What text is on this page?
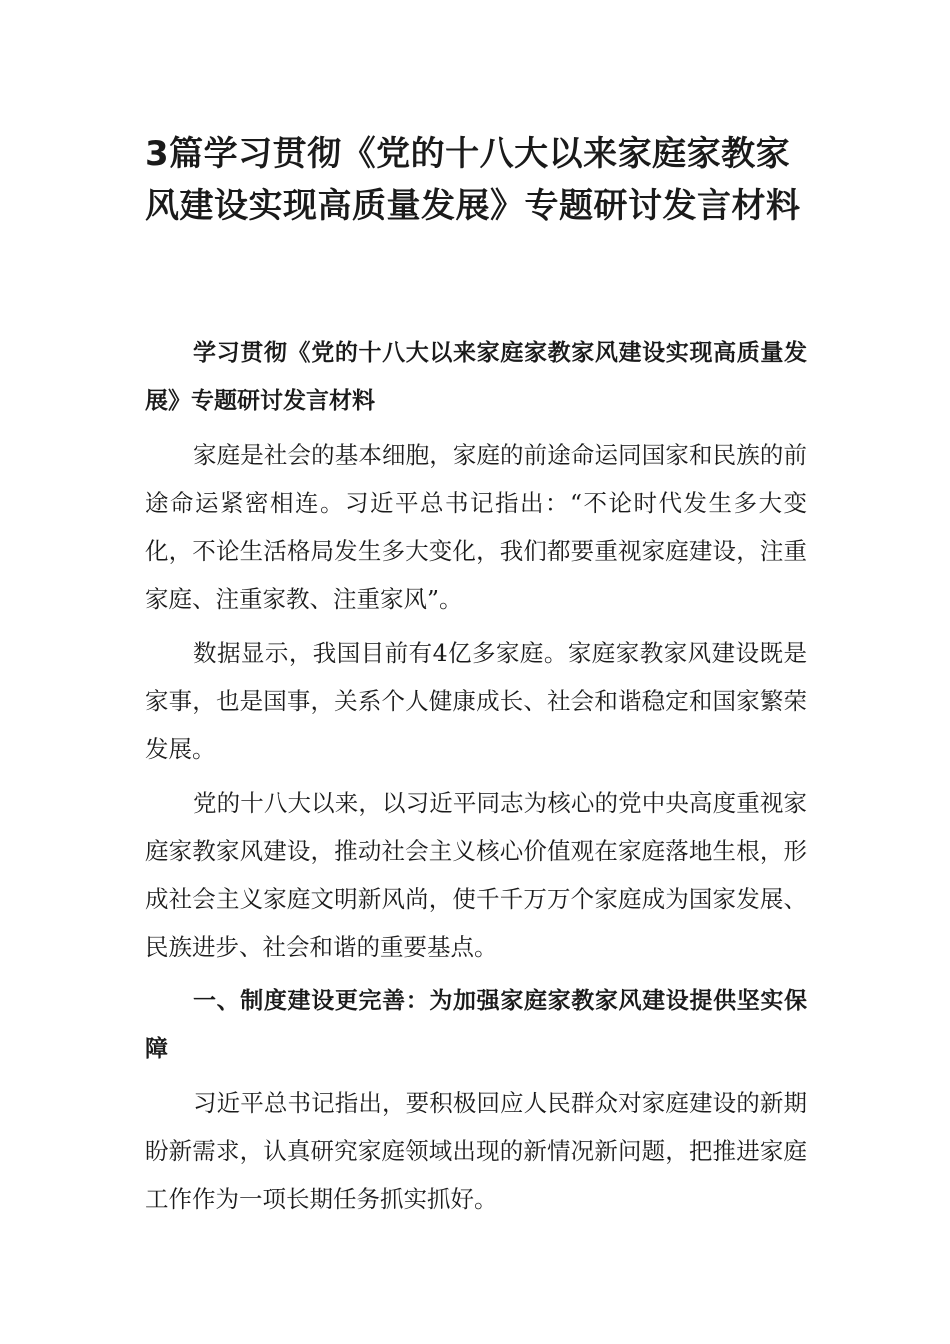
3篇学习贯彻《党的十八大以来家庭家教家风建设实现高质量发展》专题研讨发言材料

学习贯彻《党的十八大以来家庭家教家风建设实现高质量发展》专题研讨发言材料

家庭是社会的基本细胞，家庭的前途命运同国家和民族的前途命运紧密相连。习近平总书记指出：“不论时代发生多大变化，不论生活格局发生多大变化，我们都要重视家庭建设，注重家庭、注重家教、注重家风”。

数据显示，我国目前有4亿多家庭。家庭家教家风建设既是家事，也是国事，关系个人健康成长、社会和谐稳定和国家繁荣发展。

党的十八大以来，以习近平同志为核心的党中央高度重视家庭家教家风建设，推动社会主义核心价值观在家庭落地生根，形成社会主义家庭文明新风尚，使千千万万个家庭成为国家发展、民族进步、社会和谐的重要基点。

一、制度建设更完善：为加强家庭家教家风建设提供坚实保障

习近平总书记指出，要积极回应人民群众对家庭建设的新期盼新需求，认真研究家庭领域出现的新情况新问题，把推进家庭工作作为一项长期任务抓实抓好。
